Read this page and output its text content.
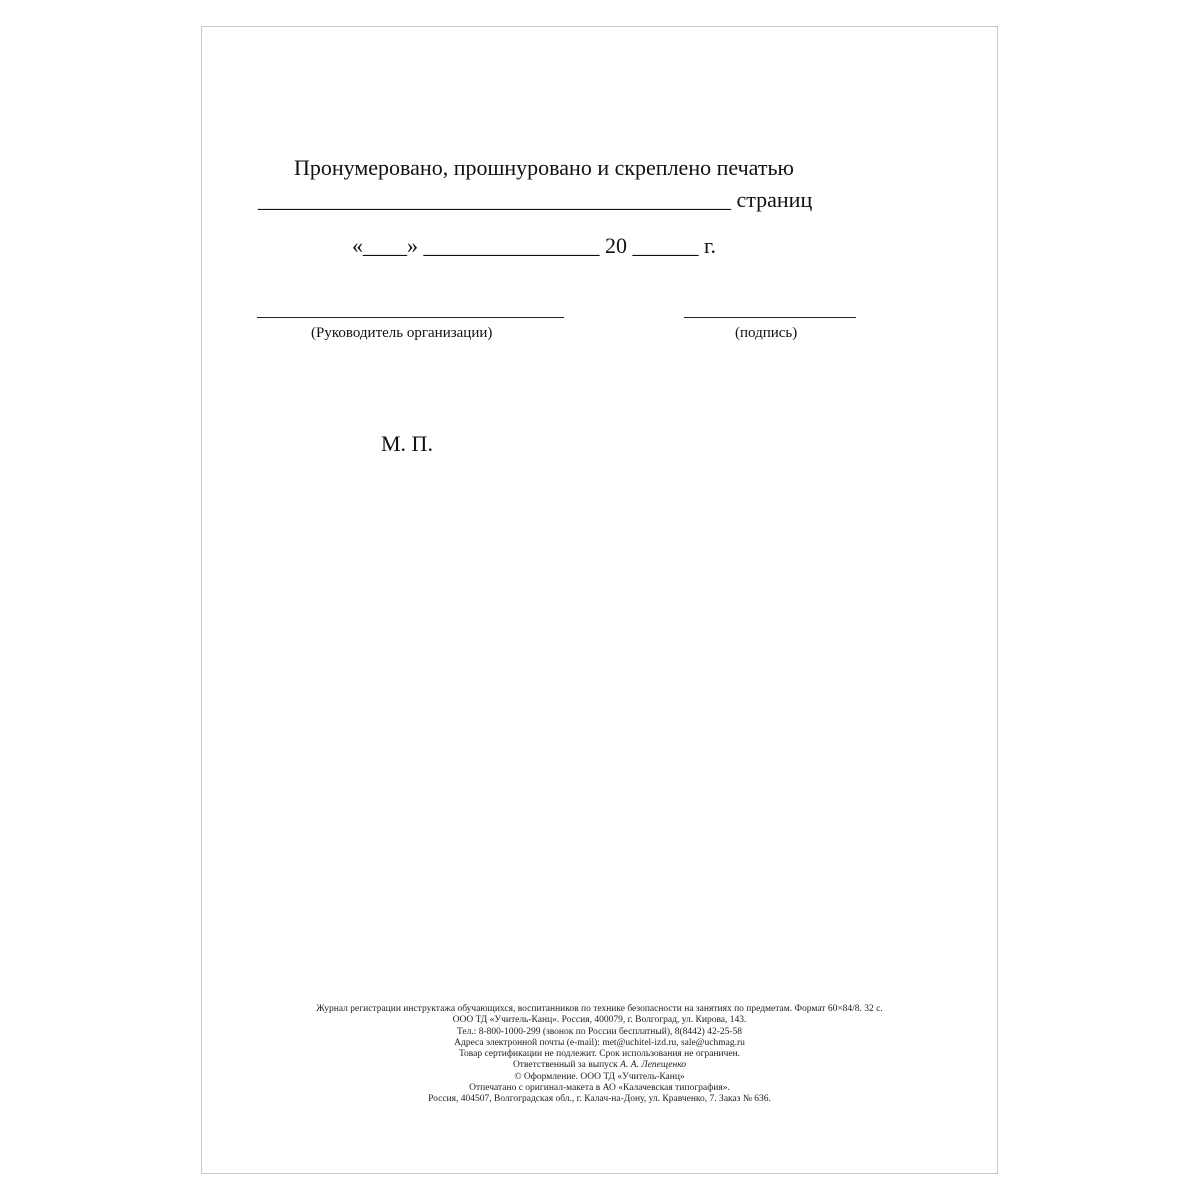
Пронумеровано, прошнуровано и скреплено печатью
___________________________________________ страниц
«____» ________________ 20 ______ г.
(Руководитель организации)	(подпись)
М. П.
Журнал регистрации инструктажа обучающихся, воспитанников по технике безопасности на занятиях по предметам. Формат 60×84/8. 32 с.
ООО ТД «Учитель-Канц». Россия, 400079, г. Волгоград, ул. Кирова, 143.
Тел.: 8-800-1000-299 (звонок по России бесплатный), 8(8442) 42-25-58
Адреса электронной почты (e-mail): met@uchitel-izd.ru, sale@uchmag.ru
Товар сертификации не подлежит. Срок использования не ограничен.
Ответственный за выпуск А. А. Лепещенко
© Оформление. ООО ТД «Учитель-Канц»
Отпечатано с оригинал-макета в АО «Калачевская типография».
Россия, 404507, Волгоградская обл., г. Калач-на-Дону, ул. Кравченко, 7. Заказ № 636.
